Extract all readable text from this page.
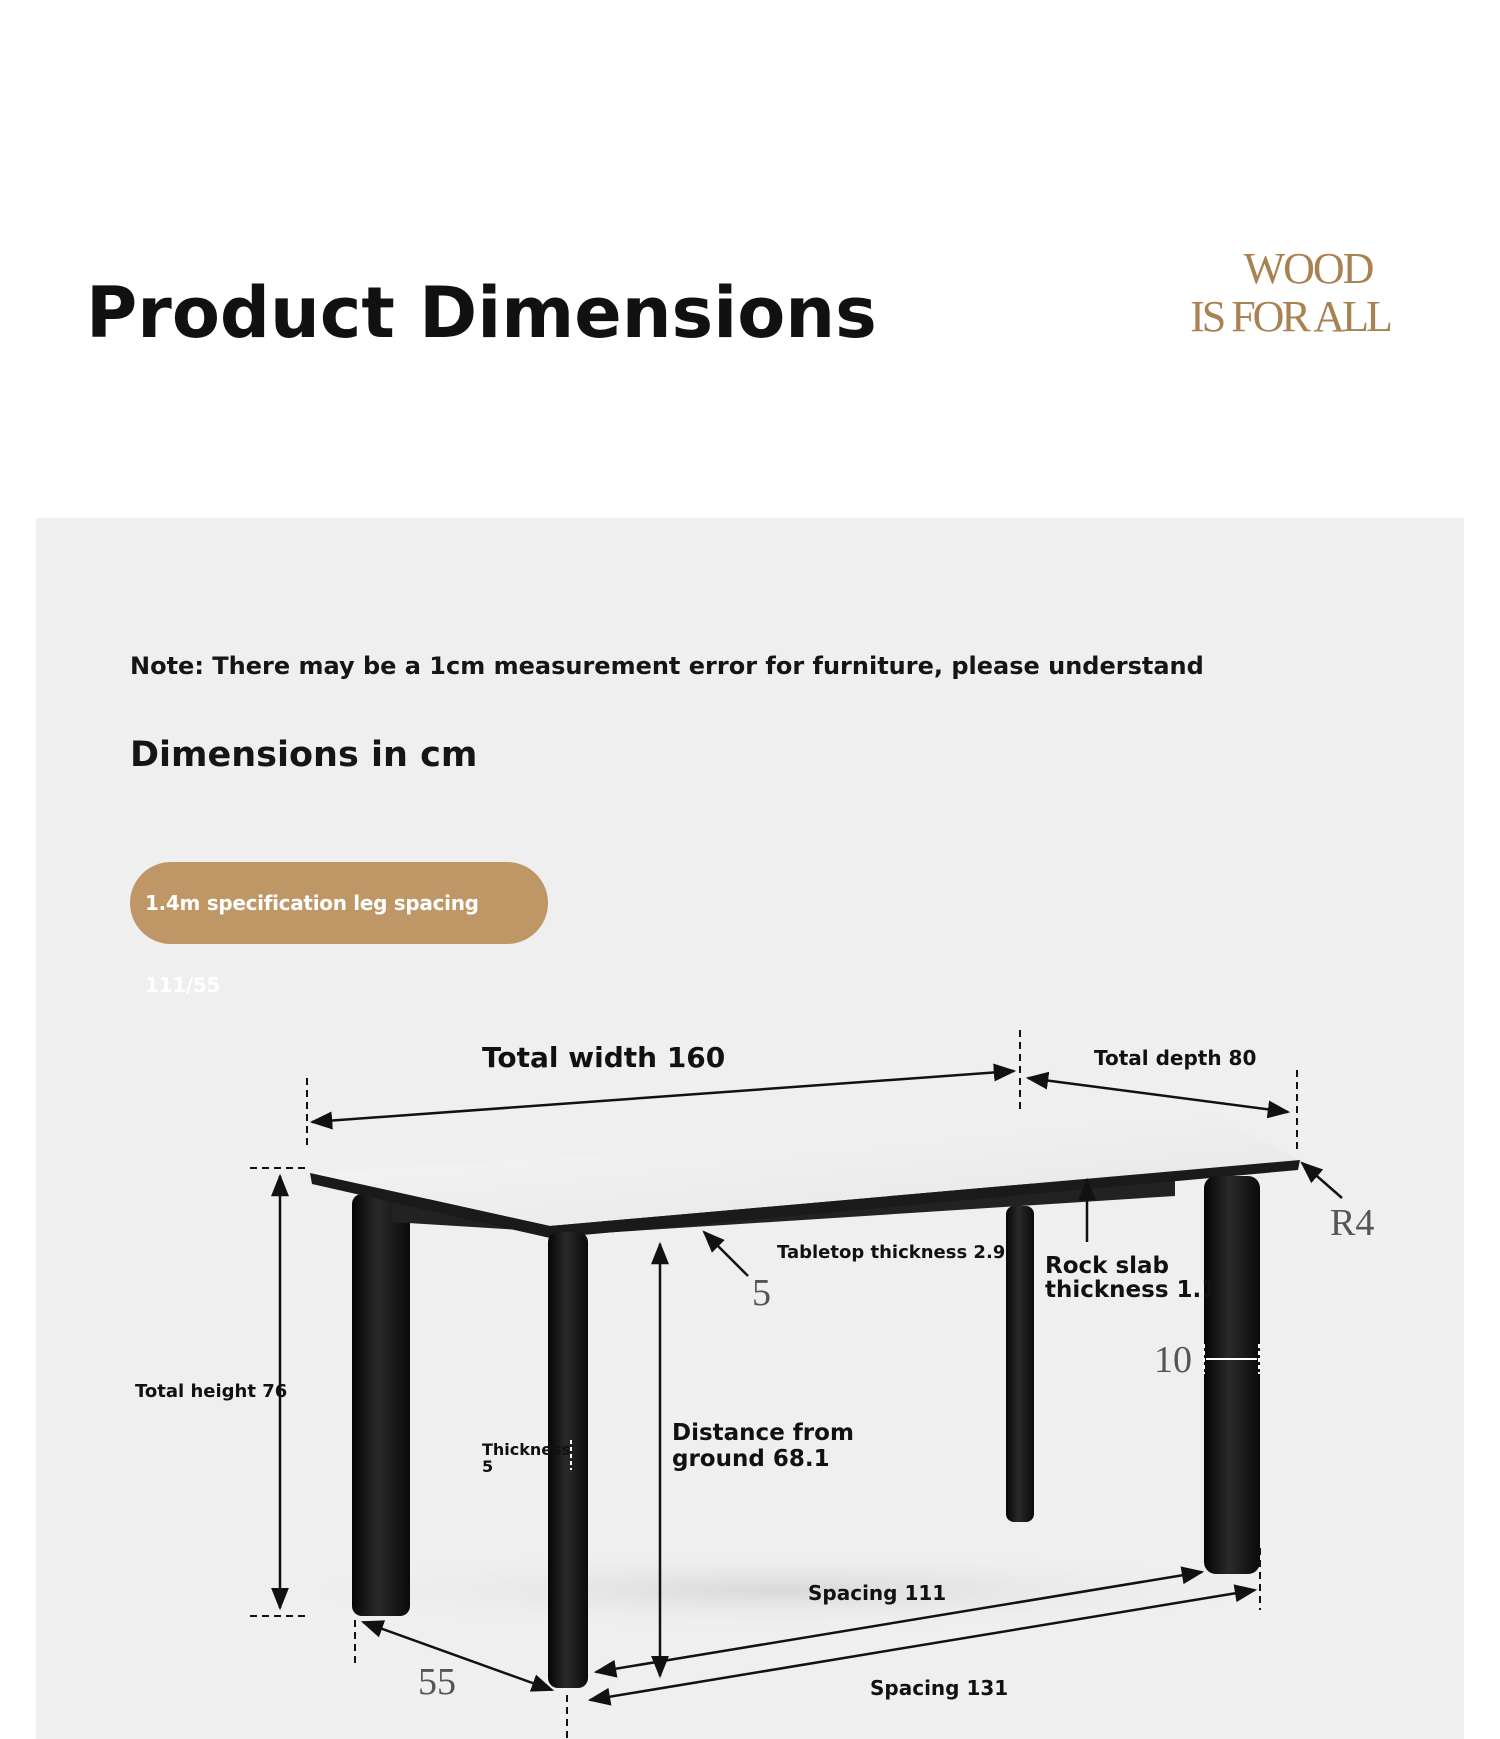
Product Dimensions
WOOD
IS FOR ALL
Note: There may be a 1cm measurement error for furniture, please understand
Dimensions in cm
1.4m specification leg spacing 111/55
Total width 160	Total depth 80
R4
Tabletop thickness 2.9
5
Rock slab
thickness 1.1
10
Total height 76
Thickness
5
Distance from
ground 68.1
Spacing 111
Spacing 131
55
